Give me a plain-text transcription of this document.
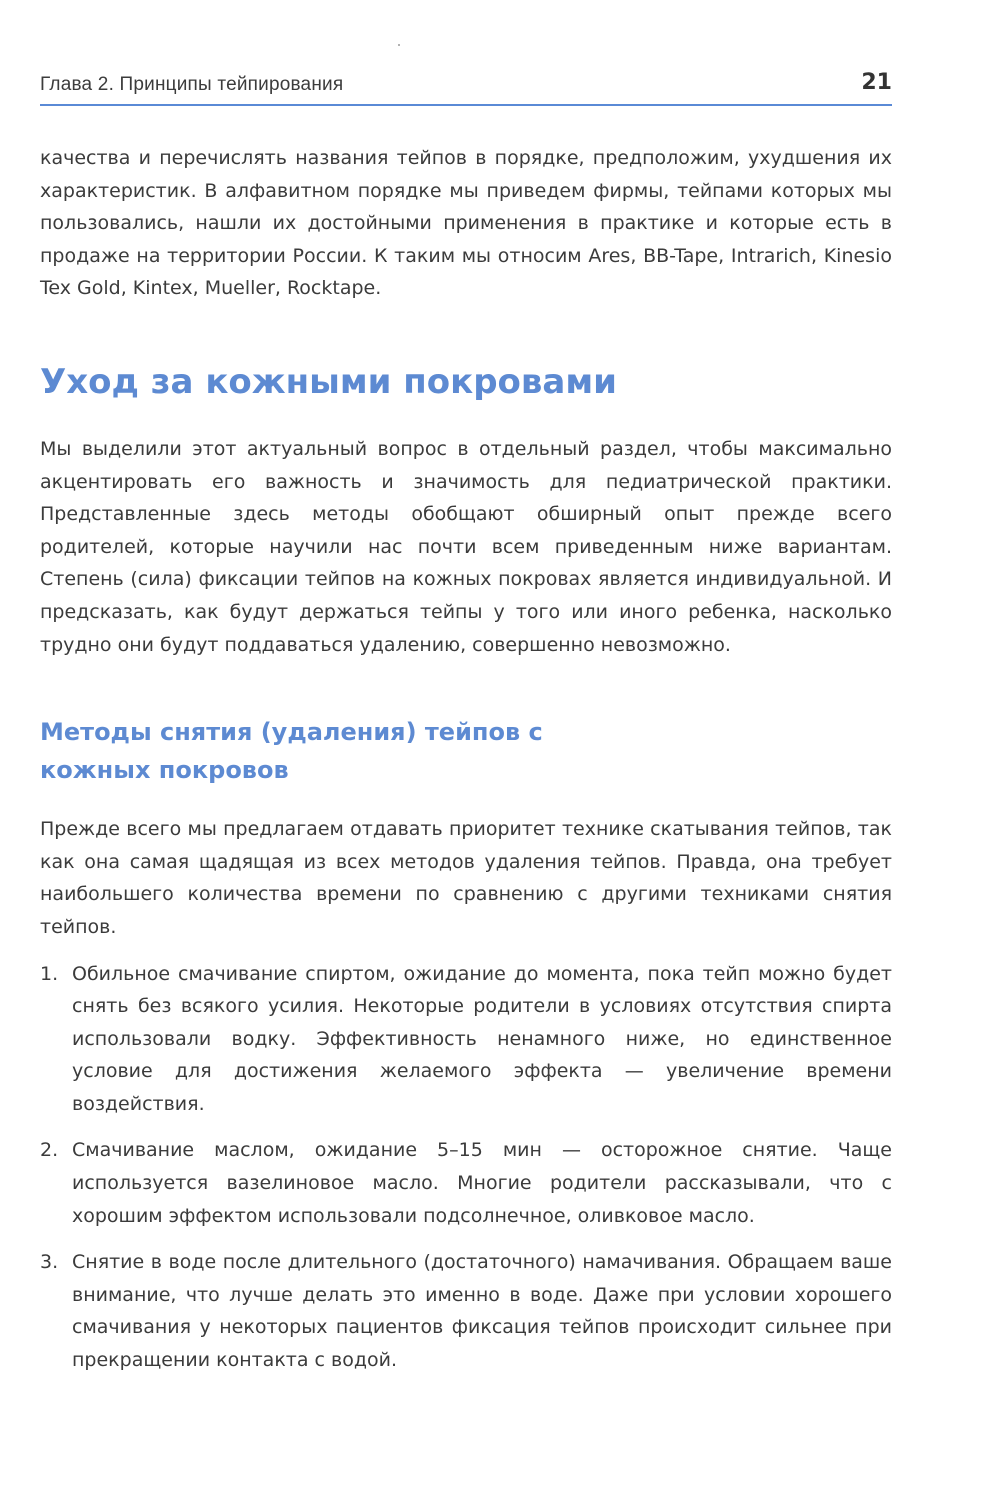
Глава 2. Принципы тейпирования	21

качества и перечислять названия тейпов в порядке, предположим, ухудшения их характеристик. В алфавитном порядке мы приведем фирмы, тейпами которых мы пользовались, нашли их достойными применения в практике и которые есть в продаже на территории России. К таким мы относим Ares, BB-Tape, Intrarich, Kinesio Tex Gold, Kintex, Mueller, Rocktape.

Уход за кожными покровами

Мы выделили этот актуальный вопрос в отдельный раздел, чтобы максимально акцентировать его важность и значимость для педиатрической практики. Представленные здесь методы обобщают обширный опыт прежде всего родителей, которые научили нас почти всем приведенным ниже вариантам. Степень (сила) фиксации тейпов на кожных покровах является индивидуальной. И предсказать, как будут держаться тейпы у того или иного ребенка, насколько трудно они будут поддаваться удалению, совершенно невозможно.

Методы снятия (удаления) тейпов с кожных покровов

Прежде всего мы предлагаем отдавать приоритет технике скатывания тейпов, так как она самая щадящая из всех методов удаления тейпов. Правда, она требует наибольшего количества времени по сравнению с другими техниками снятия тейпов.

1. Обильное смачивание спиртом, ожидание до момента, пока тейп можно будет снять без всякого усилия. Некоторые родители в условиях отсутствия спирта использовали водку. Эффективность ненамного ниже, но единственное условие для достижения желаемого эффекта — увеличение времени воздействия.

2. Смачивание маслом, ожидание 5–15 мин — осторожное снятие. Чаще используется вазелиновое масло. Многие родители рассказывали, что с хорошим эффектом использовали подсолнечное, оливковое масло.

3. Снятие в воде после длительного (достаточного) намачивания. Обращаем ваше внимание, что лучше делать это именно в воде. Даже при условии хорошего смачивания у некоторых пациентов фиксация тейпов происходит сильнее при прекращении контакта с водой.
